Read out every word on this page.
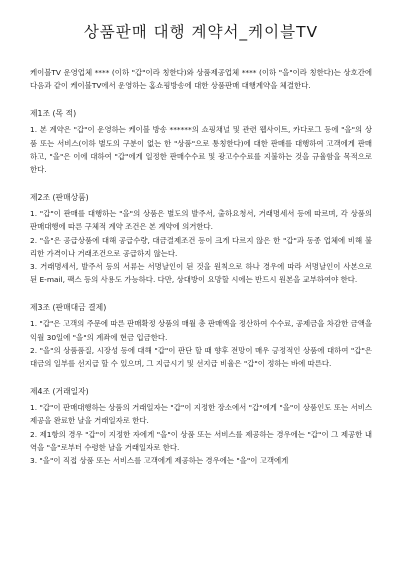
상품판매 대행 계약서_케이블TV

케이블TV 운영업체 **** (이하 "갑"이라 칭한다)와 상품제공업체 **** (이하 "을"이라 칭한다)는 상호간에 다음과 같이 케이블TV에서 운영하는 홈쇼핑방송에 대한 상품판매 대행계약을 체결한다.

제1조 (목 적)

1. 본 계약은 "갑"이 운영하는 케이블 방송 ******의 쇼핑채널 및 관련 웹사이트, 카다로그 등에 "을"의 상품 또는 서비스(이하 별도의 구분이 없는 한 "상품"으로 통칭한다)에 대한 판매를 대행하여 고객에게 판매하고, "을"은 이에 대하여 "갑"에게 일정한 판매수수료 및 광고수수료를 지불하는 것을 규율함을 목적으로 한다.

제2조 (판매상품)

1. "갑"이 판매를 대행하는 "을"의 상품은 별도의 발주서, 출하요청서, 거래명세서 등에 따르며, 각 상품의 판매대행에 따른 구체적 계약 조건은 본 계약에 의거한다.

2. "을"은 공급상품에 대해 공급수량, 대금결제조건 등이 크게 다르지 않은 한 "갑"과 동종 업체에 비해 불리한 가격이나 거래조건으로 공급하지 않는다.

3. 거래명세서, 발주서 등의 서류는 서명날인이 된 것을 원칙으로 하나 경우에 따라 서명날인이 사본으로 된 E-mail, 팩스 등의 사용도 가능하다. 다만, 상대방이 요망할 시에는 반드시 원본을 교부하여야 한다.

제3조 (판매대금 결제)

1. "갑"은 고객의 주문에 따른 판매확정 상품의 매월 총 판매액을 정산하여 수수료, 공제금을 차감한 금액을 익월 30일에 "을"의 계좌에 현금 입금한다.

2. "을"의 상품품질, 시장성 등에 대해 "갑"이 판단 할 때 향후 전망이 매우 긍정적인 상품에 대하여 "갑"은 대금의 일부를 선지급 할 수 있으며, 그 지급시기 및 선지급 비율은 "갑"이 정하는 바에 따른다.

제4조 (거래일자)

1. "갑"이 판매대행하는 상품의 거래일자는 "갑"이 지정한 장소에서 "갑"에게 "을"이 상품인도 또는 서비스 제공을 완료한 날을 거래일자로 한다.

2. 제1항의 경우 "갑"이 지정한 자에게 "을"이 상품 또는 서비스를 제공하는 경우에는 "갑"이 그 제공한 내역을 "을"로부터 수령한 날을 거래일자로 한다.

3. "을"이 직접 상품 또는 서비스를 고객에게 제공하는 경우에는 "을"이 고객에게
